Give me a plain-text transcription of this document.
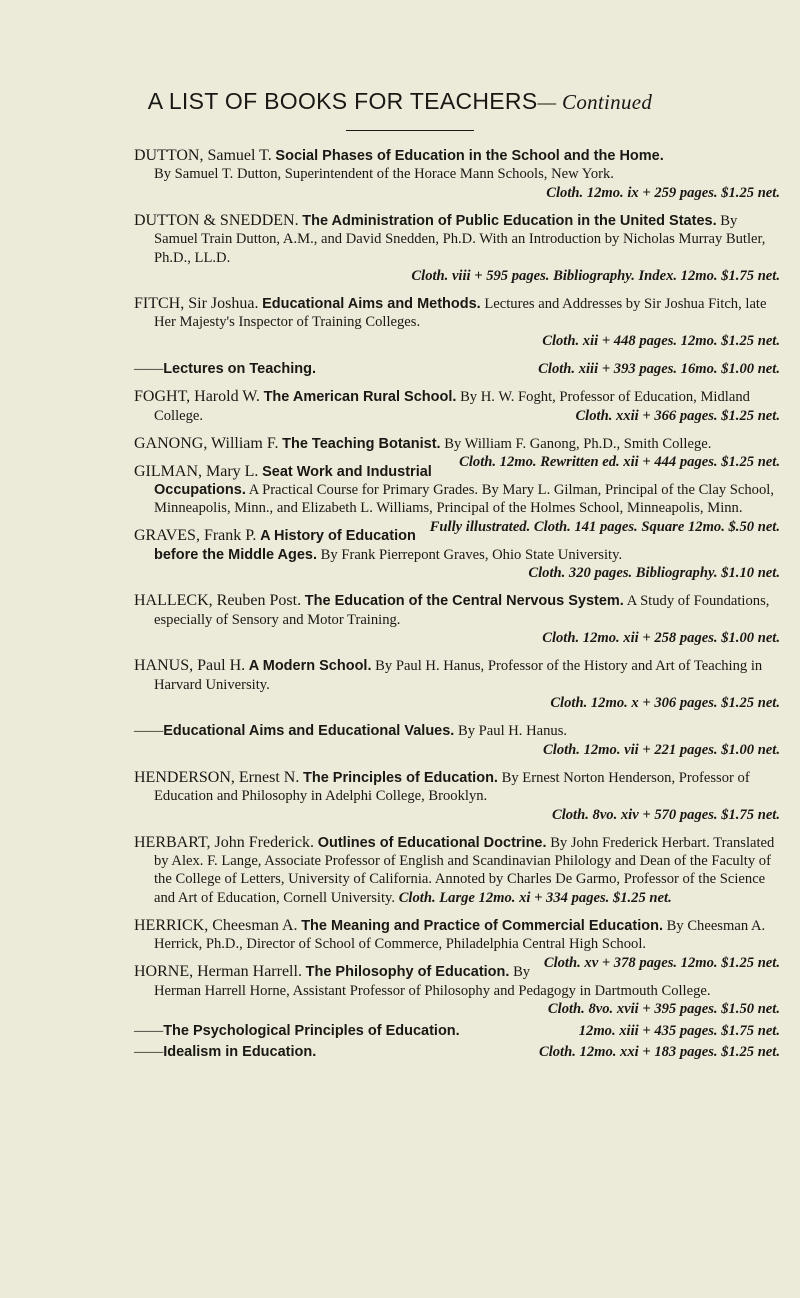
A LIST OF BOOKS FOR TEACHERS— Continued

DUTTON, Samuel T. Social Phases of Education in the School and the Home.

By Samuel T. Dutton, Superintendent of the Horace Mann Schools, New York.

Cloth. 12mo. ix + 259 pages. $1.25 net.

DUTTON & SNEDDEN. The Administration of Public Education in the United States. By Samuel Train Dutton, A.M., and David Snedden, Ph.D. With an Introduction by Nicholas Murray Butler, Ph.D., LL.D.

Cloth. viii + 595 pages. Bibliography. Index. 12mo. $1.75 net.

FITCH, Sir Joshua. Educational Aims and Methods. Lectures and Addresses by Sir Joshua Fitch, late Her Majesty's Inspector of Training Colleges.

Cloth. xii + 448 pages. 12mo. $1.25 net.

——Lectures on Teaching.	Cloth. xiii + 393 pages. 16mo. $1.00 net.

FOGHT, Harold W. The American Rural School. By H. W. Foght, Professor of Education, Midland College.	Cloth. xxii + 366 pages. $1.25 net.

GANONG, William F. The Teaching Botanist. By William F. Ganong, Ph.D., Smith College.
Cloth. 12mo. Rewritten ed. xii + 444 pages. $1.25 net.

GILMAN, Mary L. Seat Work and Industrial Occupations. A Practical Course for Primary Grades. By Mary L. Gilman, Principal of the Clay School, Minneapolis, Minn., and Elizabeth L. Williams, Principal of the Holmes School, Minneapolis, Minn.
Fully illustrated. Cloth. 141 pages. Square 12mo. $.50 net.

GRAVES, Frank P. A History of Education before the Middle Ages. By Frank Pierrepont Graves, Ohio State University.

Cloth. 320 pages. Bibliography. $1.10 net.

HALLECK, Reuben Post. The Education of the Central Nervous System. A Study of Foundations, especially of Sensory and Motor Training.

Cloth. 12mo. xii + 258 pages. $1.00 net.

HANUS, Paul H. A Modern School. By Paul H. Hanus, Professor of the History and Art of Teaching in Harvard University.

Cloth. 12mo. x + 306 pages. $1.25 net.

——Educational Aims and Educational Values. By Paul H. Hanus.

Cloth. 12mo. vii + 221 pages. $1.00 net.

HENDERSON, Ernest N. The Principles of Education. By Ernest Norton Henderson, Professor of Education and Philosophy in Adelphi College, Brooklyn.

Cloth. 8vo. xiv + 570 pages. $1.75 net.

HERBART, John Frederick. Outlines of Educational Doctrine. By John Frederick Herbart. Translated by Alex. F. Lange, Associate Professor of English and Scandinavian Philology and Dean of the Faculty of the College of Letters, University of California. Annoted by Charles De Garmo, Professor of the Science and Art of Education, Cornell University. Cloth. Large 12mo. xi + 334 pages. $1.25 net.

HERRICK, Cheesman A. The Meaning and Practice of Commercial Education. By Cheesman A. Herrick, Ph.D., Director of School of Commerce, Philadelphia Central High School.
Cloth. xv + 378 pages. 12mo. $1.25 net.

HORNE, Herman Harrell. The Philosophy of Education. By Herman Harrell Horne, Assistant Professor of Philosophy and Pedagogy in Dartmouth College.

Cloth. 8vo. xvii + 395 pages. $1.50 net.

——The Psychological Principles of Education.	12mo. xiii + 435 pages. $1.75 net.

——Idealism in Education.	Cloth. 12mo. xxi + 183 pages. $1.25 net.
